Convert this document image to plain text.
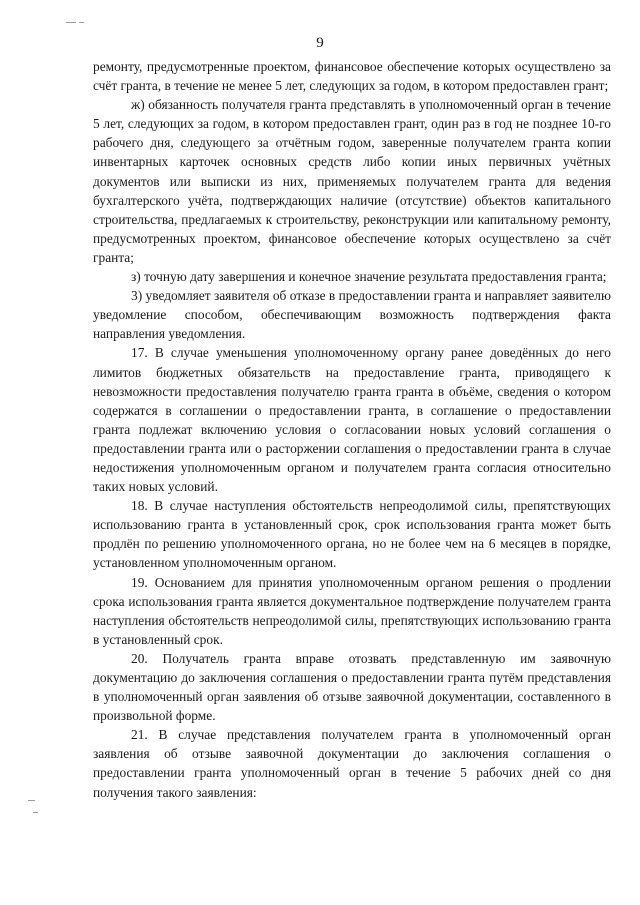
9

ремонту, предусмотренные проектом, финансовое обеспечение которых осуществлено за счёт гранта, в течение не менее 5 лет, следующих за годом, в котором предоставлен грант;

ж) обязанность получателя гранта представлять в уполномоченный орган в течение 5 лет, следующих за годом, в котором предоставлен грант, один раз в год не позднее 10-го рабочего дня, следующего за отчётным годом, заверенные получателем гранта копии инвентарных карточек основных средств либо копии иных первичных учётных документов или выписки из них, применяемых получателем гранта для ведения бухгалтерского учёта, подтверждающих наличие (отсутствие) объектов капитального строительства, предлагаемых к строительству, реконструкции или капитальному ремонту, предусмотренных проектом, финансовое обеспечение которых осуществлено за счёт гранта;

з) точную дату завершения и конечное значение результата предоставления гранта;

3) уведомляет заявителя об отказе в предоставлении гранта и направляет заявителю уведомление способом, обеспечивающим возможность подтверждения факта направления уведомления.

17. В случае уменьшения уполномоченному органу ранее доведённых до него лимитов бюджетных обязательств на предоставление гранта, приводящего к невозможности предоставления получателю гранта гранта в объёме, сведения о котором содержатся в соглашении о предоставлении гранта, в соглашение о предоставлении гранта подлежат включению условия о согласовании новых условий соглашения о предоставлении гранта или о расторжении соглашения о предоставлении гранта в случае недостижения уполномоченным органом и получателем гранта согласия относительно таких новых условий.

18. В случае наступления обстоятельств непреодолимой силы, препятствующих использованию гранта в установленный срок, срок использования гранта может быть продлён по решению уполномоченного органа, но не более чем на 6 месяцев в порядке, установленном уполномоченным органом.

19. Основанием для принятия уполномоченным органом решения о продлении срока использования гранта является документальное подтверждение получателем гранта наступления обстоятельств непреодолимой силы, препятствующих использованию гранта в установленный срок.

20. Получатель гранта вправе отозвать представленную им заявочную документацию до заключения соглашения о предоставлении гранта путём представления в уполномоченный орган заявления об отзыве заявочной документации, составленного в произвольной форме.

21. В случае представления получателем гранта в уполномоченный орган заявления об отзыве заявочной документации до заключения соглашения о предоставлении гранта уполномоченный орган в течение 5 рабочих дней со дня получения такого заявления:
